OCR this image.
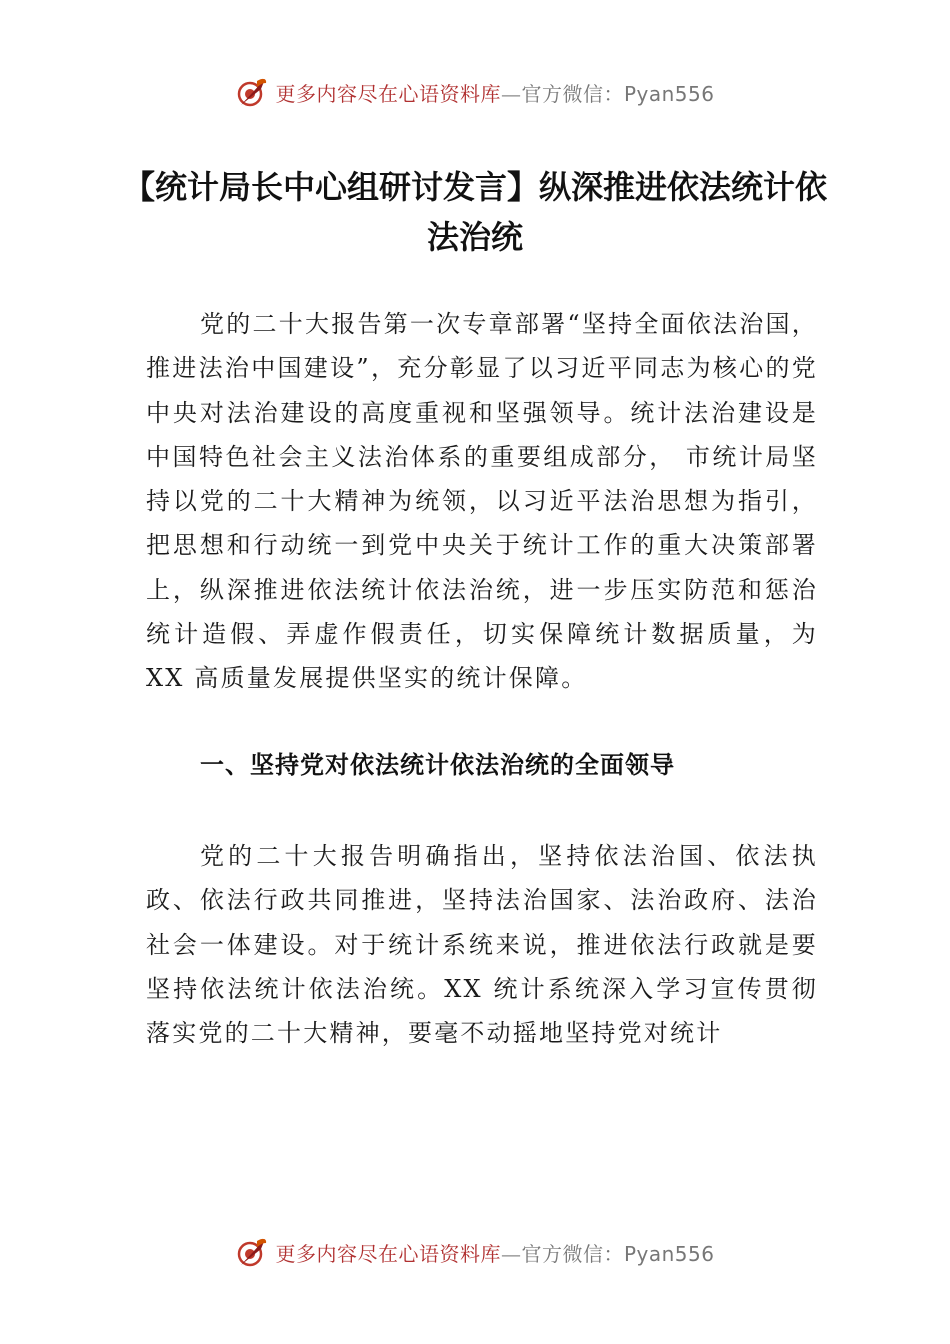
更多内容尽在心语资料库—官方微信：Pyan556
【统计局长中心组研讨发言】纵深推进依法统计依法治统

党的二十大报告第一次专章部署“坚持全面依法治国，推进法治中国建设”，充分彰显了以习近平同志为核心的党中央对法治建设的高度重视和坚强领导。统计法治建设是中国特色社会主义法治体系的重要组成部分， 市统计局坚持以党的二十大精神为统领，以习近平法治思想为指引，把思想和行动统一到党中央关于统计工作的重大决策部署上，纵深推进依法统计依法治统，进一步压实防范和惩治统计造假、弄虚作假责任，切实保障统计数据质量，为 XX 高质量发展提供坚实的统计保障。

一、坚持党对依法统计依法治统的全面领导

党的二十大报告明确指出，坚持依法治国、依法执政、依法行政共同推进，坚持法治国家、法治政府、法治社会一体建设。对于统计系统来说，推进依法行政就是要坚持依法统计依法治统。XX 统计系统深入学习宣传贯彻落实党的二十大精神，要毫不动摇地坚持党对统计

更多内容尽在心语资料库—官方微信：Pyan556
